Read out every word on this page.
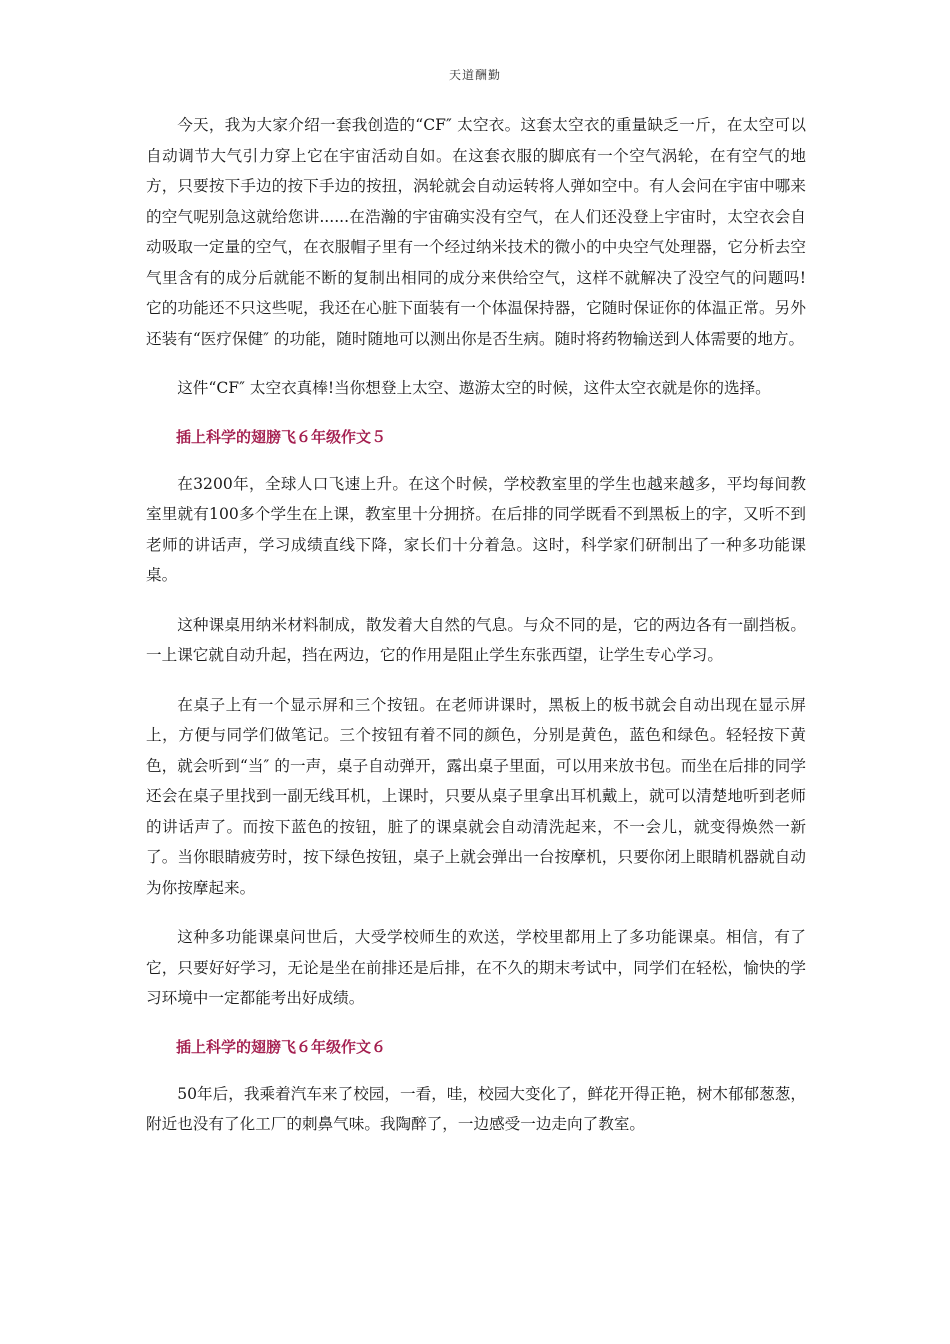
天道酬勤

今天，我为大家介绍一套我创造的“CF″ 太空衣。这套太空衣的重量缺乏一斤，在太空可以自动调节大气引力穿上它在宇宙活动自如。在这套衣服的脚底有一个空气涡轮，在有空气的地方，只要按下手边的按下手边的按扭，涡轮就会自动运转将人弹如空中。有人会问在宇宙中哪来的空气呢别急这就给您讲......在浩瀚的宇宙确实没有空气，在人们还没登上宇宙时，太空衣会自动吸取一定量的空气，在衣服帽子里有一个经过纳米技术的微小的中央空气处理器，它分析去空气里含有的成分后就能不断的复制出相同的成分来供给空气，这样不就解决了没空气的问题吗!它的功能还不只这些呢，我还在心脏下面装有一个体温保持器，它随时保证你的体温正常。另外还装有“医疗保健″ 的功能，随时随地可以测出你是否生病。随时将药物输送到人体需要的地方。

这件“CF″ 太空衣真棒!当你想登上太空、遨游太空的时候，这件太空衣就是你的选择。

插上科学的翅膀飞６年级作文５

在3200年，全球人口飞速上升。在这个时候，学校教室里的学生也越来越多，平均每间教室里就有100多个学生在上课，教室里十分拥挤。在后排的同学既看不到黑板上的字，又听不到老师的讲话声，学习成绩直线下降，家长们十分着急。这时，科学家们研制出了一种多功能课桌。

这种课桌用纳米材料制成，散发着大自然的气息。与众不同的是，它的两边各有一副挡板。一上课它就自动升起，挡在两边，它的作用是阻止学生东张西望，让学生专心学习。

在桌子上有一个显示屏和三个按钮。在老师讲课时，黑板上的板书就会自动出现在显示屏上，方便与同学们做笔记。三个按钮有着不同的颜色，分别是黄色，蓝色和绿色。轻轻按下黄色，就会听到“当″ 的一声，桌子自动弹开，露出桌子里面，可以用来放书包。而坐在后排的同学还会在桌子里找到一副无线耳机，上课时，只要从桌子里拿出耳机戴上，就可以清楚地听到老师的讲话声了。而按下蓝色的按钮，脏了的课桌就会自动清洗起来，不一会儿，就变得焕然一新了。当你眼睛疲劳时，按下绿色按钮，桌子上就会弹出一台按摩机，只要你闭上眼睛机器就自动为你按摩起来。

这种多功能课桌问世后，大受学校师生的欢送，学校里都用上了多功能课桌。相信，有了它，只要好好学习，无论是坐在前排还是后排，在不久的期末考试中，同学们在轻松，愉快的学习环境中一定都能考出好成绩。

插上科学的翅膀飞６年级作文６

50年后，我乘着汽车来了校园，一看，哇，校园大变化了，鲜花开得正艳，树木郁郁葱葱，附近也没有了化工厂的刺鼻气味。我陶醉了，一边感受一边走向了教室。
